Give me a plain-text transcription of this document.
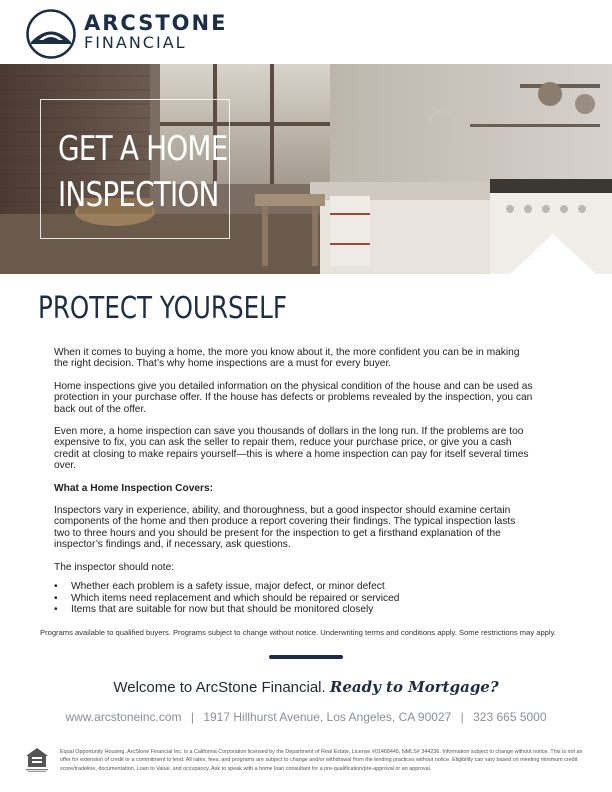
ARCSTONE
FINANCIAL
GET A HOME
INSPECTION
PROTECT YOURSELF

When it comes to buying a home, the more you know about it, the more confident you can be in making the right decision. That’s why home inspections are a must for every buyer.

Home inspections give you detailed information on the physical condition of the house and can be used as protection in your purchase offer. If the house has defects or problems revealed by the inspection, you can back out of the offer.

Even more, a home inspection can save you thousands of dollars in the long run. If the problems are too expensive to fix, you can ask the seller to repair them, reduce your purchase price, or give you a cash credit at closing to make repairs yourself—this is where a home inspection can pay for itself several times over.

What a Home Inspection Covers:

Inspectors vary in experience, ability, and thoroughness, but a good inspector should examine certain components of the home and then produce a report covering their findings. The typical inspection lasts two to three hours and you should be present for the inspection to get a firsthand explanation of the inspector’s findings and, if necessary, ask questions.

The inspector should note:

• Whether each problem is a safety issue, major defect, or minor defect
• Which items need replacement and which should be repaired or serviced
• Items that are suitable for now but that should be monitored closely
Programs available to qualified buyers. Programs subject to change without notice. Underwriting terms and conditions apply. Some restrictions may apply.
Welcome to ArcStone Financial. Ready to Mortgage?
www.arcstoneinc.com | 1917 Hillhurst Avenue, Los Angeles, CA 90027 | 323 665 5000
Equal Opportunity Housing. ArcStone Financial Inc. is a California Corporation licensed by the Department of Real Estate, License #01468445, NMLS# 344236. Information subject to change without notice. This is not an offer for extension of credit or a commitment to lend. All rates, fees, and programs are subject to change and/or withdrawal from the lending practices without notice. Eligibility can vary based on meeting minimum credit score/tradeline, documentation, Loan to Value, and occupancy. Ask to speak with a home loan consultant for a pre-qualification/pre-approval or an approval.
